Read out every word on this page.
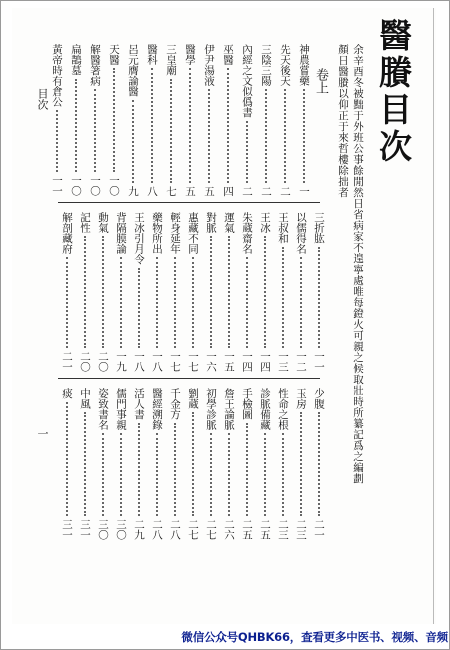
醫賸目次
余辛酉冬被黜于外班公事餘閒然日省病家不遑寧處唯每鐙火可親之候取壯時所纂記爲之編劃
顏日醫賸以仰正于來哲樓除拙者
卷上
神農嘗藥
一
先天後天
二
三陰三陽
二
內經之文似僞書
二
巫醫
四
伊尹湯液
五
醫學
五
三皇廟
七
醫科
八
呂元膺論醫
九
天醫
一〇
解醫箸病
一〇
扁鵲墓
一〇
黃帝時有倉公
一一
三折肱
一一
以儒得名
一二
王叔和
一三
王冰
一四
朱蔵齋名
一四
運氣
一五
對脈
一六
惠藏不同
一七
輕身延年
一七
藥物所出
一八
王冰引月令
一八
背隔膜論
一九
動氣
二〇
記性
二〇
解剖藏府
二一
少腹
二一
玉房
二三
性命之根
二三
診脈備藏
二五
手檢圖
二五
詹王論脈
二六
初學診脈
二七
劉蔵
二七
千金方
二八
醫經溯錄
二八
活人書
二九
儒門事親
三〇
姿致書名
三〇
中風
三一
痰
三一
目次
一
微信公众号QHBK66，查看更多中医书、视频、音频
